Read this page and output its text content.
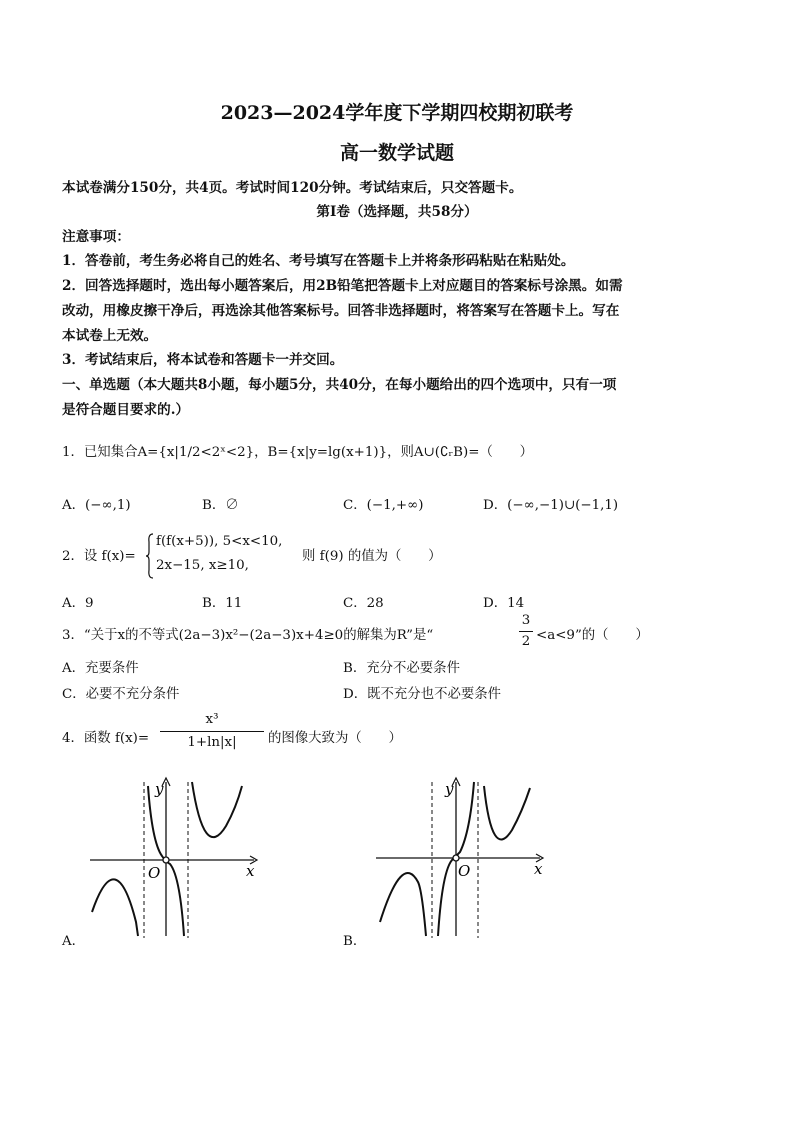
2023—2024学年度下学期四校期初联考
高一数学试题
本试卷满分150分，共4页。考试时间120分钟。考试结束后，只交答题卡。
第Ⅰ卷（选择题，共58分）
注意事项：
1．答卷前，考生务必将自己的姓名、考号填写在答题卡上并将条形码粘贴在粘贴处。
2．回答选择题时，选出每小题答案后，用2B铅笔把答题卡上对应题目的答案标号涂黑。如需
改动，用橡皮擦干净后，再选涂其他答案标号。回答非选择题时，将答案写在答题卡上。写在
本试卷上无效。
3．考试结束后，将本试卷和答题卡一并交回。
一、单选题（本大题共8小题，每小题5分，共40分，在每小题给出的四个选项中，只有一项
是符合题目要求的.）
1．已知集合A={x|1/2<2ˣ<2}，B={x|y=lg(x+1)}，则A∪(∁ᵣB)=（　　）
A．(−∞,1)	B．∅	C．(−1,+∞)	D．(−∞,−1)∪(−1,1)
2．设 f(x)=
f(f(x+5)), 5<x<10,
2x−15, x≥10,
则 f(9) 的值为（　　）
A．9	B．11	C．28	D．14
3．“关于x的不等式(2a−3)x²−(2a−3)x+4≥0的解集为R”是“
3
2 <a<9”的（　　）
A．充要条件	B．充分不必要条件
C．必要不充分条件	D．既不充分也不必要条件
4．函数 f(x)=
x³
1+ln|x|	的图像大致为（　　）
x
y
O
A．
x
y
O
B．
